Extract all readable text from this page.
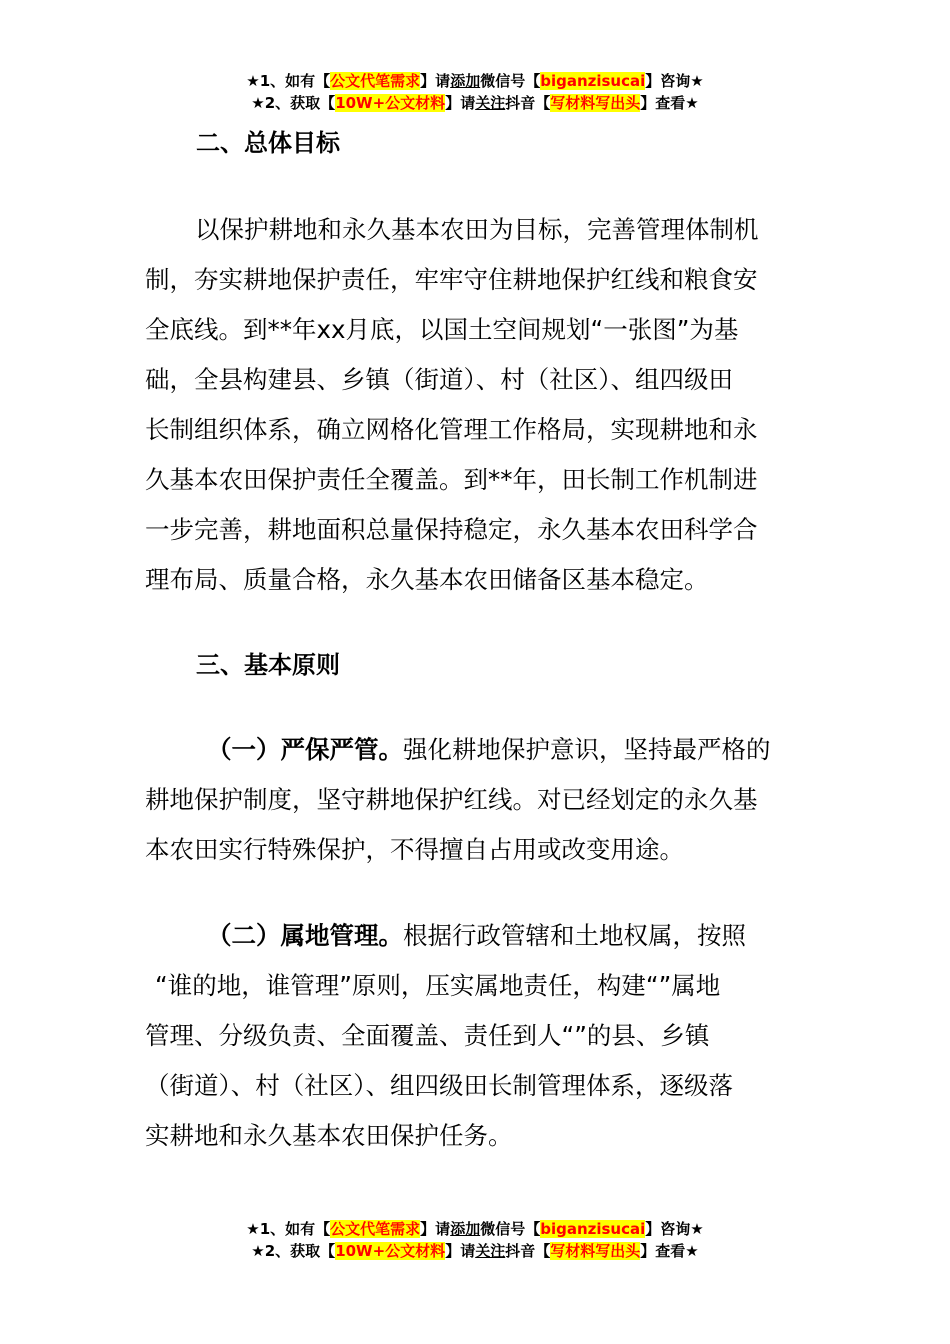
★1、如有【公文代笔需求】请添加微信号【biganzisucai】咨询★
★2、获取【10W+公文材料】请关注抖音【写材料写出头】查看★
二、总体目标
以保护耕地和永久基本农田为目标，完善管理体制机
制，夯实耕地保护责任，牢牢守住耕地保护红线和粮食安
全底线。到**年xx月底，以国土空间规划“一张图”为基
础，全县构建县、乡镇（街道）、村（社区）、组四级田
长制组织体系，确立网格化管理工作格局，实现耕地和永
久基本农田保护责任全覆盖。到**年，田长制工作机制进
一步完善，耕地面积总量保持稳定，永久基本农田科学合
理布局、质量合格，永久基本农田储备区基本稳定。
三、基本原则
（一）严保严管。强化耕地保护意识，坚持最严格的
耕地保护制度，坚守耕地保护红线。对已经划定的永久基
本农田实行特殊保护，不得擅自占用或改变用途。
（二）属地管理。根据行政管辖和土地权属，按照
“谁的地，谁管理”原则，压实属地责任，构建“”属地
管理、分级负责、全面覆盖、责任到人“”的县、乡镇
（街道）、村（社区）、组四级田长制管理体系，逐级落
实耕地和永久基本农田保护任务。
★1、如有【公文代笔需求】请添加微信号【biganzisucai】咨询★
★2、获取【10W+公文材料】请关注抖音【写材料写出头】查看★
